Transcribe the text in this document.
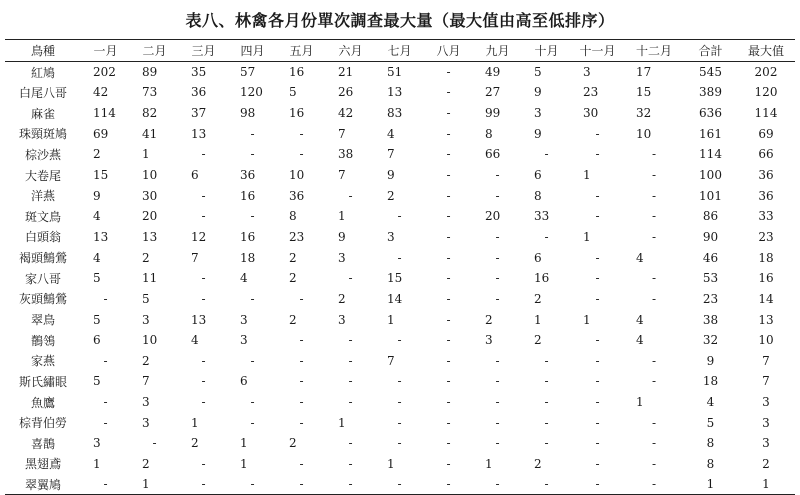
表八、林禽各月份單次調查最大量（最大值由高至低排序）
鳥種	一月	二月	三月	四月	五月	六月	七月	八月	九月	十月	十一月	十二月	合計	最大值
紅鳩	202	89	35	57	16	21	51	-	49	5	3	17	545	202
白尾八哥	42	73	36	120	5	26	13	-	27	9	23	15	389	120
麻雀	114	82	37	98	16	42	83	-	99	3	30	32	636	114
珠頸斑鳩	69	41	13	-	-	7	4	-	8	9	-	10	161	69
棕沙燕	2	1	-	-	-	38	7	-	66	-	-	-	114	66
大卷尾	15	10	6	36	10	7	9	-	-	6	1	-	100	36
洋燕	9	30	-	16	36	-	2	-	-	8	-	-	101	36
斑文鳥	4	20	-	-	8	1	-	-	20	33	-	-	86	33
白頭翁	13	13	12	16	23	9	3	-	-	-	1	-	90	23
褐頭鷦鶯	4	2	7	18	2	3	-	-	-	6	-	4	46	18
家八哥	5	11	-	4	2	-	15	-	-	16	-	-	53	16
灰頭鷦鶯	-	5	-	-	-	2	14	-	-	2	-	-	23	14
翠鳥	5	3	13	3	2	3	1	-	2	1	1	4	38	13
鶺鴒	6	10	4	3	-	-	-	-	3	2	-	4	32	10
家燕	-	2	-	-	-	-	7	-	-	-	-	-	9	7
斯氏繡眼	5	7	-	6	-	-	-	-	-	-	-	-	18	7
魚鷹	-	3	-	-	-	-	-	-	-	-	-	1	4	3
棕背伯勞	-	3	1	-	-	1	-	-	-	-	-	-	5	3
喜鵲	3	-	2	1	2	-	-	-	-	-	-	-	8	3
黑翅鳶	1	2	-	1	-	-	1	-	1	2	-	-	8	2
翠翼鳩	-	1	-	-	-	-	-	-	-	-	-	-	1	1
